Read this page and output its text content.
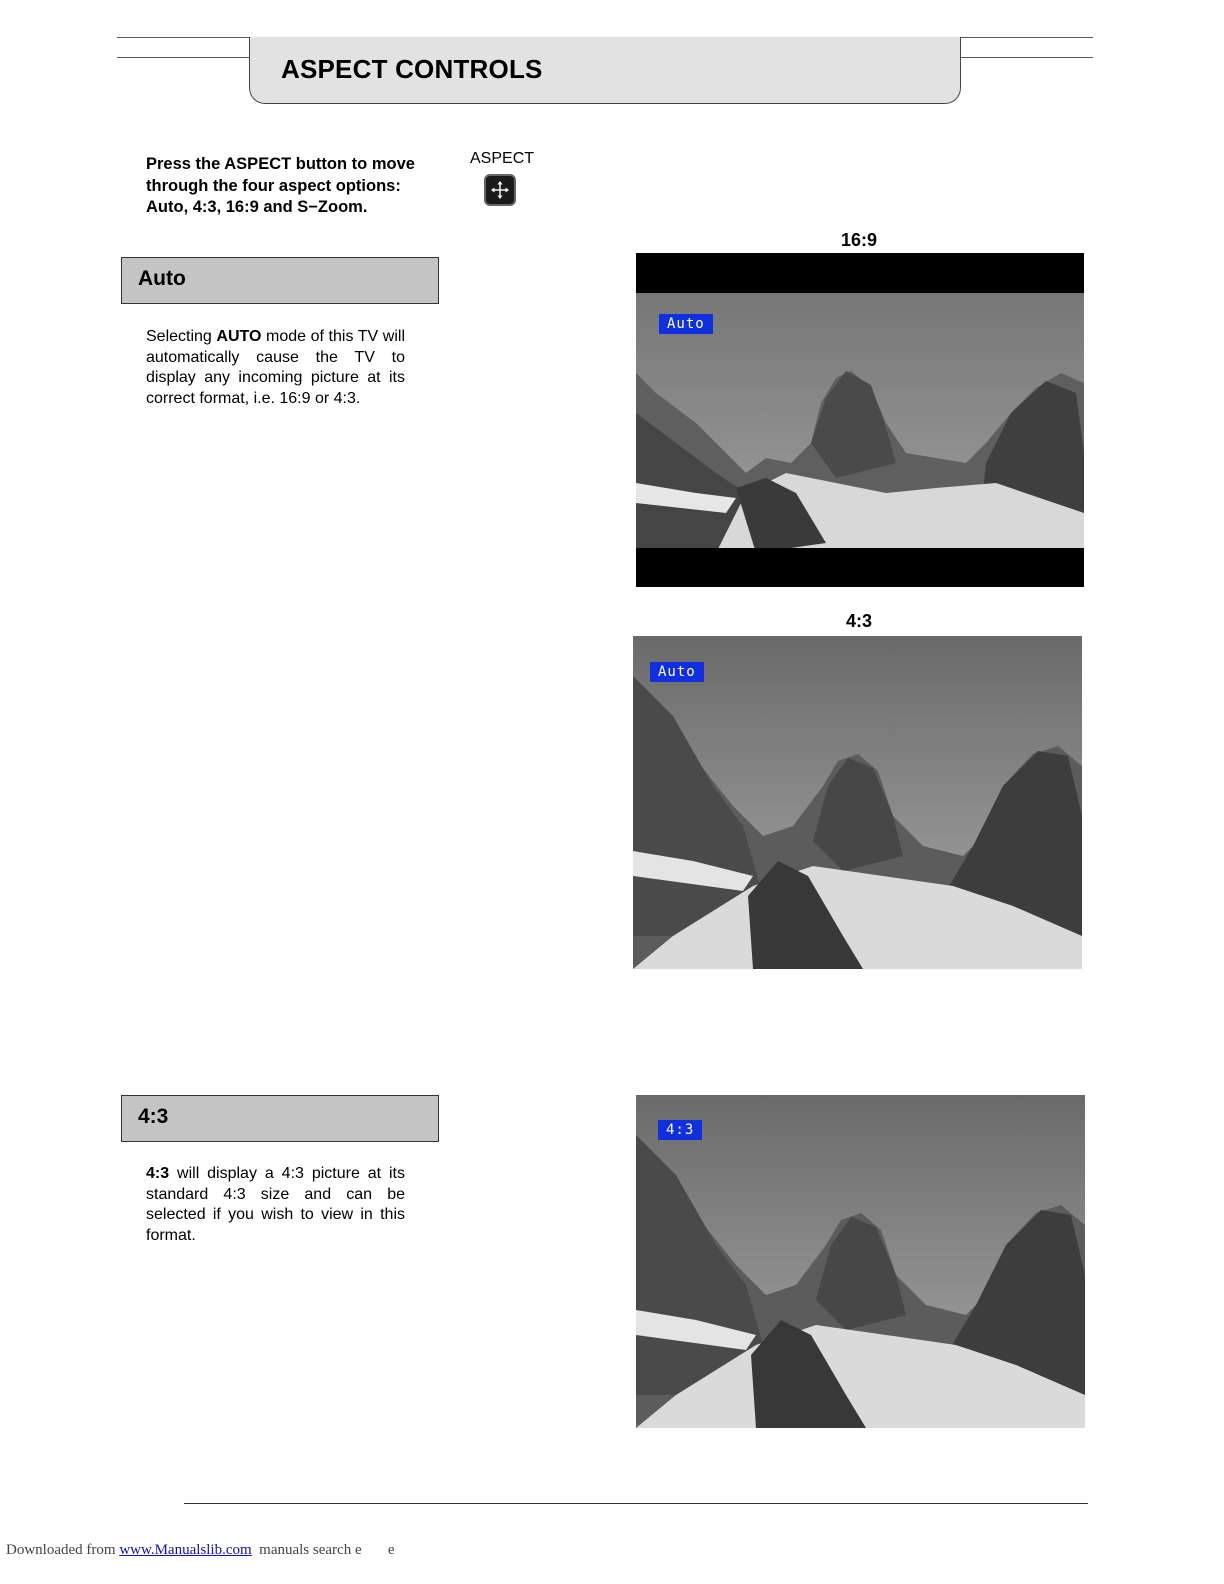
ASPECT CONTROLS
Press the ASPECT button to move through the four aspect options: Auto, 4:3, 16:9 and S−Zoom.
ASPECT
Auto
Selecting AUTO mode of this TV will automatically cause the TV to display any incoming picture at its correct format, i.e. 16:9 or 4:3.
4:3
4:3 will display a 4:3 picture at its standard 4:3 size and can be selected if you wish to view in this format.
16:9
Auto
4:3
Auto
4:3
Downloaded from www.Manualslib.com  manuals search e       e
